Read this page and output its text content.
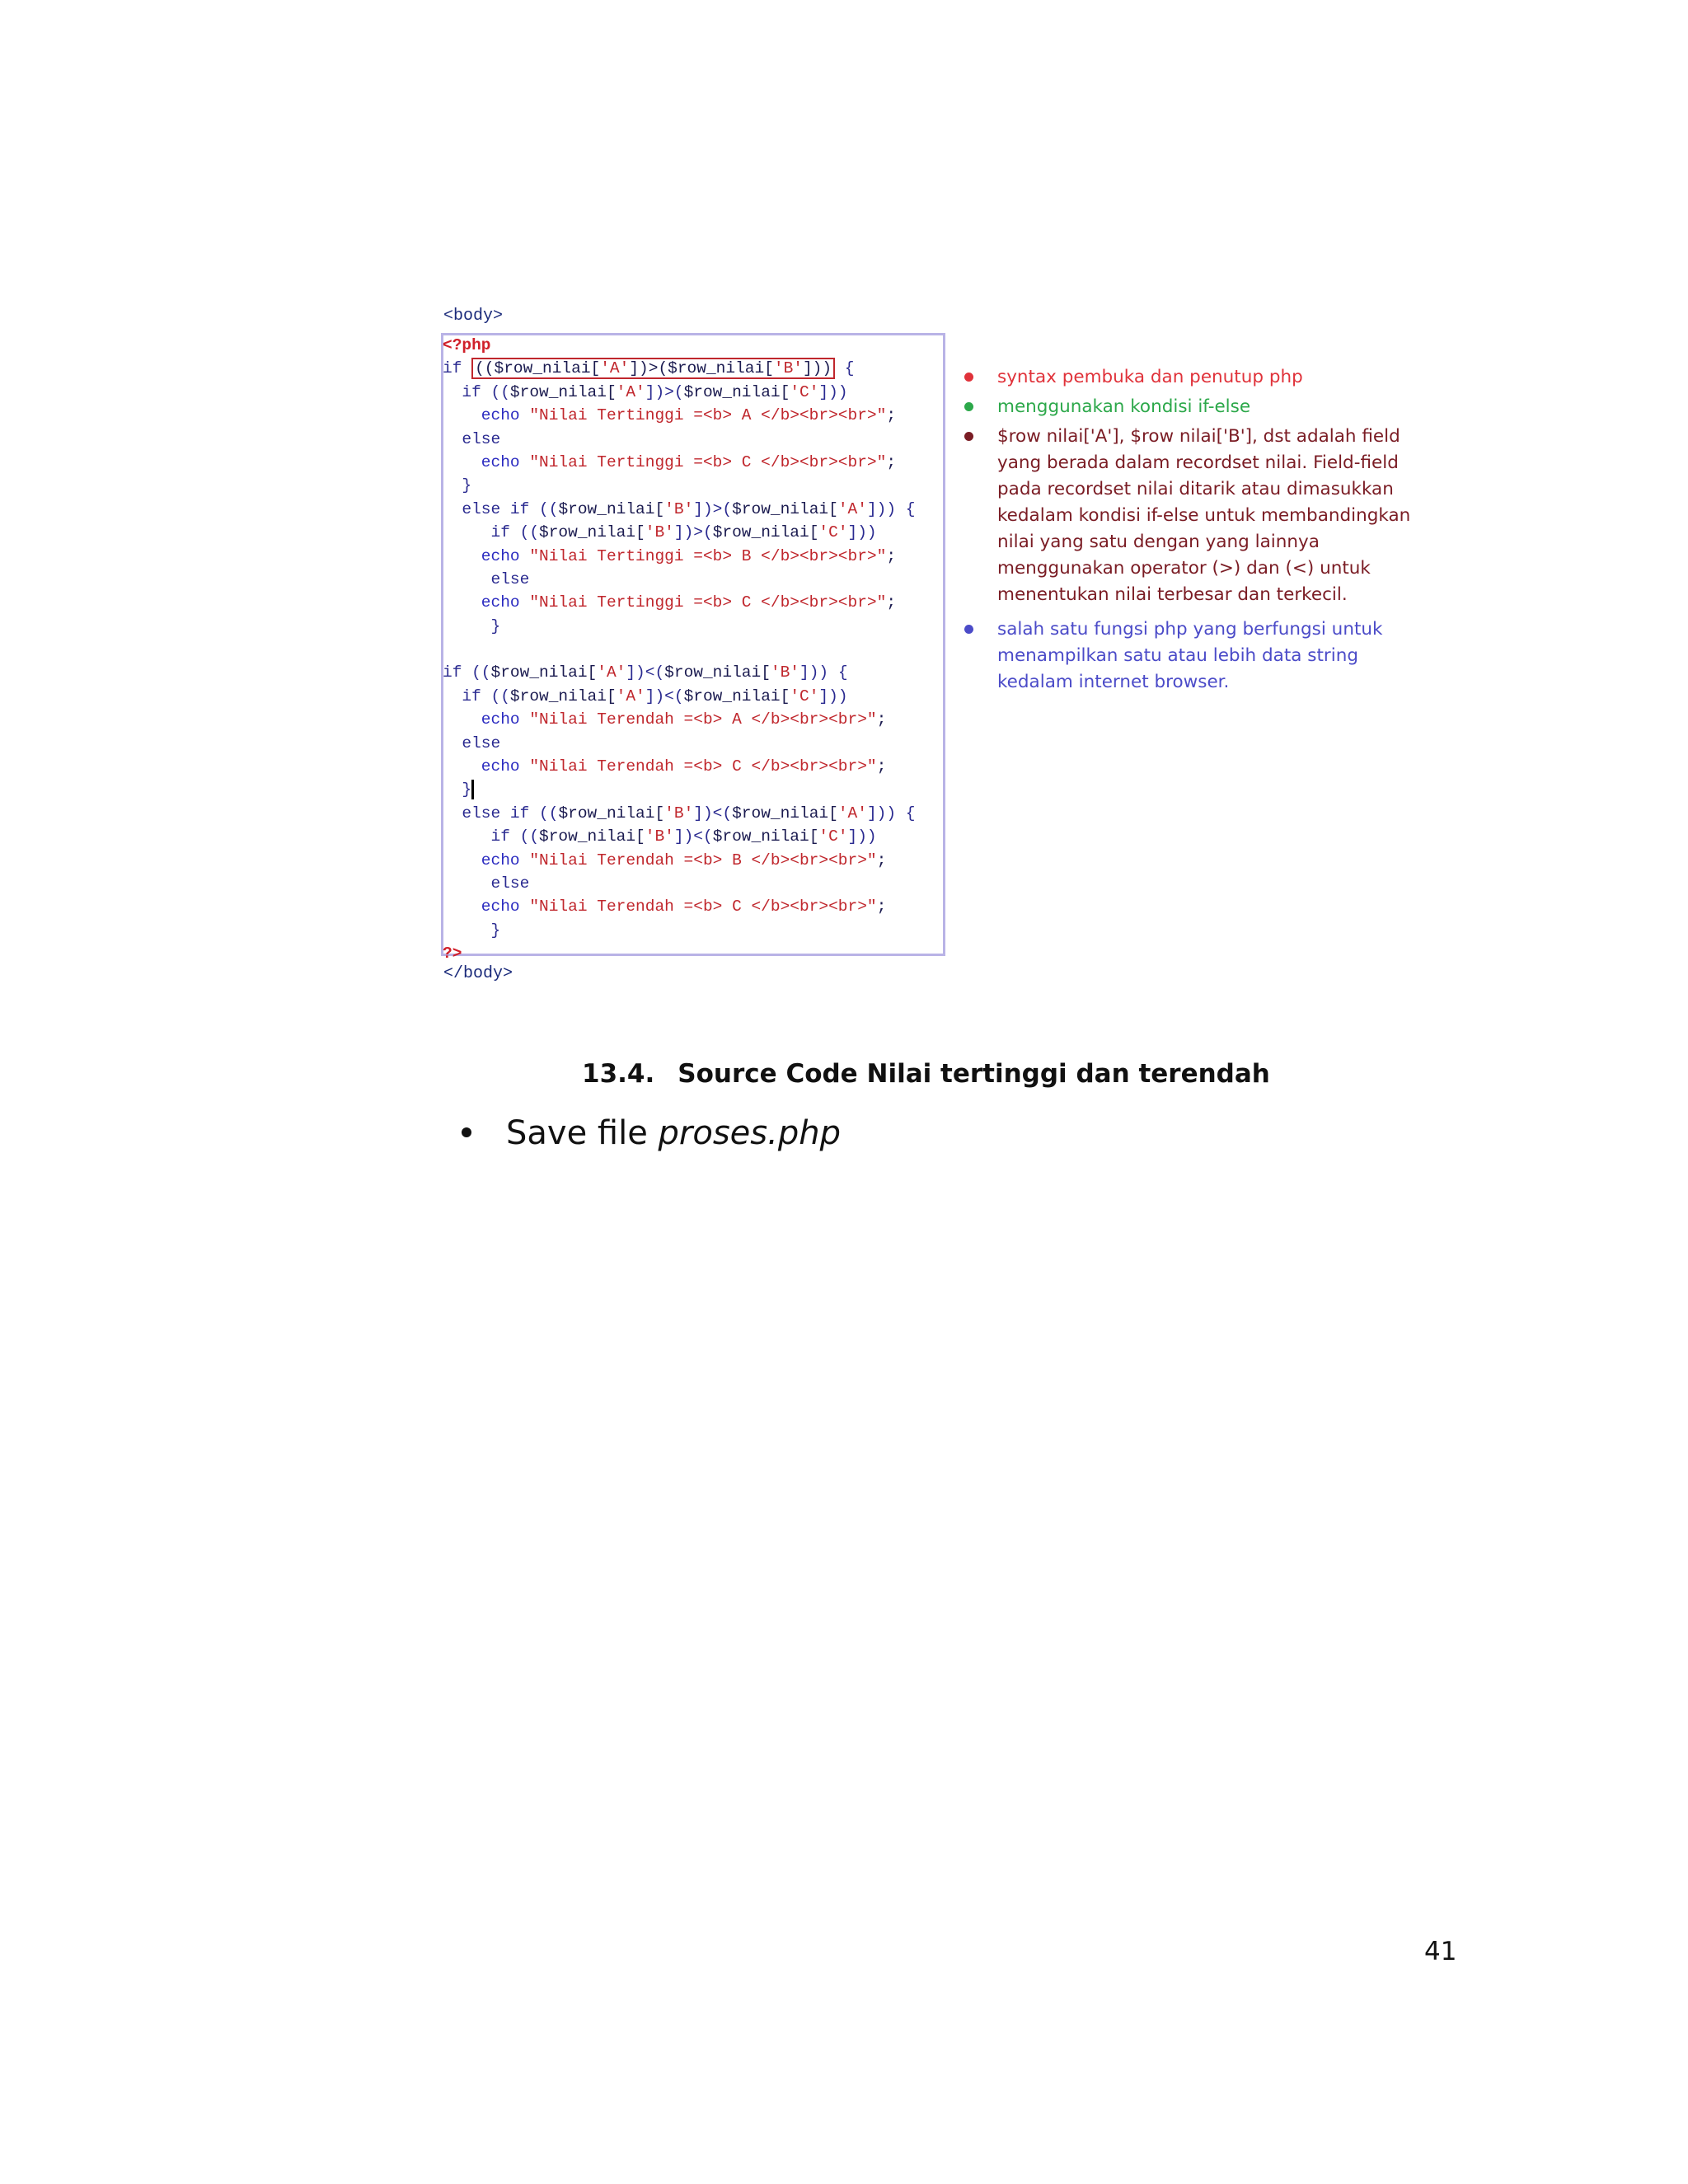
<body>
<?php
if (($row_nilai['A'])>($row_nilai['B'])) {
if (($row_nilai['A'])>($row_nilai['C']))
echo "Nilai Tertinggi =<b> A </b><br><br>";
else
echo "Nilai Tertinggi =<b> C </b><br><br>";
}
else if (($row_nilai['B'])>($row_nilai['A'])) {
if (($row_nilai['B'])>($row_nilai['C']))
echo "Nilai Tertinggi =<b> B </b><br><br>";
else
echo "Nilai Tertinggi =<b> C </b><br><br>";
}
if (($row_nilai['A'])<($row_nilai['B'])) {
if (($row_nilai['A'])<($row_nilai['C']))
echo "Nilai Terendah =<b> A </b><br><br>";
else
echo "Nilai Terendah =<b> C </b><br><br>";
}
else if (($row_nilai['B'])<($row_nilai['A'])) {
if (($row_nilai['B'])<($row_nilai['C']))
echo "Nilai Terendah =<b> B </b><br><br>";
else
echo "Nilai Terendah =<b> C </b><br><br>";
}
?>
</body>
syntax pembuka dan penutup php
menggunakan kondisi if-else
$row nilai['A'], $row nilai['B'], dst adalah field yang berada dalam recordset nilai. Field-field pada recordset nilai ditarik atau dimasukkan kedalam kondisi if-else untuk membandingkan nilai yang satu dengan yang lainnya menggunakan operator (>) dan (<) untuk menentukan nilai terbesar dan terkecil.
salah satu fungsi php yang berfungsi untuk menampilkan satu atau lebih data string kedalam internet browser.
13.4. Source Code Nilai tertinggi dan terendah
Save file proses.php
41
